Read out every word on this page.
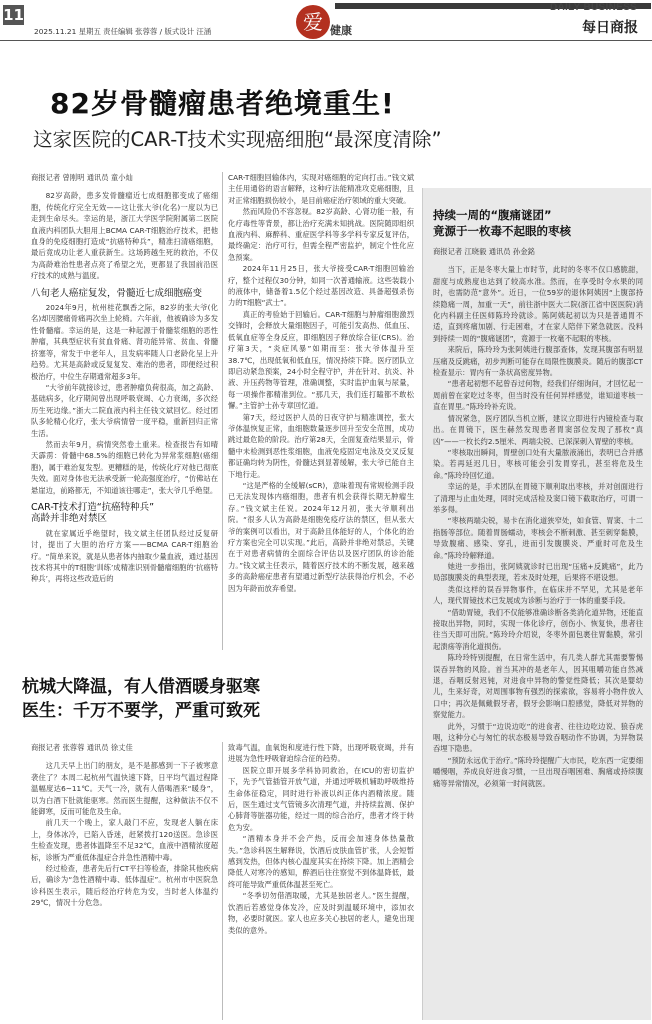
11
2025.11.21 星期五 责任编辑 张蓉蓉 / 版式设计 汪涵	爱 健康
DAILY BUSINESS
每日商报
82岁骨髓瘤患者绝境重生!
这家医院的CAR-T技术实现癌细胞“最深度清除”

商报记者 曾刚明 通讯员 童小灿

82岁高龄，患多发骨髓瘤近七成细胞都变成了癌细胞，传统化疗完全无效——这让张大爷(化名)一度以为已走到生命尽头。幸运的是，浙江大学医学院附属第二医院血液内科团队大胆用上BCMA CAR-T细胞治疗技术，把他血身的免疫细胞打造成“抗癌特种兵”，精准扫清癌细胞，最后竟成功让老人重获新生。这场跨越生死的救治，不仅为高龄难治性患者点亮了希望之光，更都显了我国前沿医疗技术的成熟与温度。

八旬老人癌症复发，骨髓近七成细胞癌变

2024年9月，杭州桂花飘香之际，82岁的张大爷(化名)却因腰痛骨痛再次坐上轮椅。六年前，他被确诊为多发性骨髓瘤。幸运的是，这是一种起源于骨髓浆细胞的恶性肿瘤，其典型症状有贫血骨痛、肾功能异常、贫血、骨髓挤塞等，常发于中老年人，且发病率随人口老龄化呈上升趋势。尤其是高龄或反复复发、难治的患者，即便经过积极治疗，中位生存期通常超多3年。

“大爷前年就接诊过，患者肿瘤负荷很高，加之高龄、基础病多，化疗期间曾出现呼吸衰竭、心力衰竭，多次经历生死边缘。”浙大二院血液内科主任钱文斌回忆。经过团队多轮精心化疗，张大爷病情曾一度平稳，重新回归正常生活。

然而去年9月，病情突然卷土重来。检查报告有如晴天霹雳：骨髓中68.5%的细胞已转化为异常浆细胞(癌细胞)，属于难治复发型。更糟糕的是，传统化疗对他已彻底失效。面对身体也无法承受新一轮高强度治疗，“仿佛站在悬崖边，前路都无，不知道该往哪走”，张大爷几乎绝望。

CAR-T技术打造“抗癌特种兵”
高龄并非绝对禁区

就在家属近乎绝望时，钱文斌主任团队经过反复研讨，提出了大胆的治疗方案——BCMA CAR-T细胞治疗。“简单来说，就是从患者体内抽取少量血液，通过基因技术将其中的T细胞‘训练’成精准识别骨髓瘤细胞的‘抗癌特种兵’，再将这些改造后的

CAR-T细胞回输体内，实现对癌细胞的定向打击。”钱文斌主任用通俗的语言解释，这种疗法能精准攻克癌细胞，且对正常细胞损伤较小，是目前癌症治疗领域的重大突破。

然而风险仍不容忽视。82岁高龄、心肾功能一般，有化疗毒性等背景，都让治疗充满未知挑战。医院随即组织血液内科、麻醉科、重症医学科等多学科专家反复评估，最终确定：治疗可行，但需全程严密监护，制定个性化应急预案。

2024年11月25日，张大爷接受CAR-T细胞回输治疗，整个过程仅30分钟，如同一次普通输液。这些装载小的液体中，储备着1.5亿个经过基因改造、具备超强杀伤力的T细胞“武士”。

真正的考验始于回输后。CAR-T细胞与肿瘤细胞激烈交锋时，会释放大量细胞因子，可能引发高热、低血压、低氧血症等全身反应，即细胞因子释放综合征(CRS)。治疗第3天，“炎症风暴”如期而至：张大爷体温升至38.7℃，出现低氧和低血压，情况持续下降。医疗团队立即启动紧急预案，24小时全程守护，并在针对、抗炎、补液、升压药物等管理，准确调整，实时监护血氧与尿量，每一项操作都精准到位。“那几天，我们连打瞌都不敢松懈。”主管护士孙专章回忆道。

第7天，经过医护人员的日夜守护与精准调控，张大爷体温恢复正常，血细胞数量逐步回升至安全范围，成功跳过最危险的阶段。治疗第28天，全面复查结果显示，骨髓中未检测到恶性浆细胞，血液免疫固定电泳及交叉反复都证确均转为阴性，骨髓达到显著缓解，张大爷已能自主下地行走。

“这是严格的全缓解(sCR)，意味着现有常规检测手段已无法发现体内癌细胞，患者有机会获得长期无肿瘤生存。”钱文斌主任说。2024年12月初，张大爷顺利出院。“很多人认为高龄是细胞免疫疗法的禁区，但从张大爷的案例可以看出，对于高龄且体能好的人，个体化的治疗方案也完全可以实现。”此后，高龄并非绝对禁忌，关键在于对患者病情的全面综合评估以及医疗团队的诊治能力。”钱文斌主任表示，随着医疗技术的不断发展，越来越多的高龄癌症患者有望通过新型疗法获得治疗机会，不必因为年龄而放弃希望。

持续一周的“腹痛谜团”
竟源于一枚毒不起眼的枣核

商报记者 江晓毅 通讯员 孙金銘

当下，正是冬枣大量上市时节，此时的冬枣不仅口感脆甜，甜度与成熟度也达到了较高水准。然而，在享受时令水果的同时，也需防范“意外”。近日，一位59岁的退休阿姨因“上腹部持续隐痛一周，加重一天”，前往浙中医大二院(浙江省中医医院)消化内科副主任医师陈玲玲就诊。陈阿姨起初以为只是普通胃不适，直到疼痛加剧、行走困难，才在家人陪伴下紧急就医。没料到持续一周的“腹痛谜团”，竟源于一枚毫不起眼的枣核。

来院后，陈玲玲为张阿姨进行腹部查体，发现其腹部有明显压痛及反跳痛，初步判断可能存在局限性腹膜炎。随后的腹部CT检查显示：胃内有一条状高密度异物。

“患者起初想不起曾吞过何物，经我们仔细询问，才回忆起一周前曾在家吃过冬枣，但当时没有任何异样感觉，谁知道枣核一直在胃里。”陈玲玲补充说。

情况紧急，医疗团队当机立断，建议立即进行内镜检查与取出。在胃镜下，医生赫然发现患者胃窦部位发现了那枚“真凶”——一枚长约2.5厘米、两端尖锐、已深深刺入胃壁的枣核。

“枣核取出瞬间，胃壁创口处有大量脓液涌出，表明已合并感染。若再延迟几日，枣核可能会引发胃穿孔，甚至将危及生命。”陈玲玲回忆道。

幸运的是，手术团队在胃镜下顺利取出枣核，并对创面进行了清理与止血处理，同时完成活检及窦口镜下截取治疗，可谓一举多得。

“枣核两端尖锐，易卡在消化道狭窄处，如食管、胃窦、十二指肠等部位。随着胃肠蠕动，枣核会不断刺激、甚至刺穿黏膜，导致腹痛、感染、穿孔，进而引发腹膜炎、严重时可危及生命。”陈玲玲解释道。

她进一步指出，张阿姨就诊时已出现“压痛+反跳痛”，此乃局部腹膜炎的典型表现，若未及时处理，后果将不堪设想。

类似这样的误吞异物事件，在临床并不罕见，尤其是老年人，现代胃镜技术已发展成为诊断与治疗于一体的重要手段。

“借助胃镜，我们不仅能够准确诊断各类消化道异物，还能直接取出异物，同时，实现一体化诊疗，创伤小、恢复快，患者往往当天即可出院。”陈玲玲介绍说，冬枣外面包裹住胃黏膜，常引起溃疡等消化道损伤。

陈玲玲特别提醒，在日常生活中，有几类人群尤其需要警惕误吞异物的风险。首当其冲的是老年人，因其咀嚼功能自然减退，吞咽反射迟钝，对进食中异物的警觉性降低；其次是婴幼儿，生来好奇，对周围事物有强烈的探索欲，容易将小物件放入口中；再次是佩戴假牙者，假牙会影响口腔感觉，降低对异物的察觉能力。

此外，习惯于“边说边吃”的进食者、往往边吃边说、狼吞虎咽，这种分心与匆忙的状态极易导致吞咽动作不协调，为异物误吞埋下隐患。

“预防永远优于治疗。”陈玲玲提醒广大市民，吃东西一定要细嚼慢咽，养成良好进食习惯，一旦出现吞咽困难、胸痛或持续腹痛等异常情况，必须第一时间就医。

杭城大降温，有人借酒暖身驱寒
医生：千万不要学，严重可致死

商报记者 张蓉蓉 通讯员 徐丈佳

这几天早上出门的朋友，是不是都感到一下子被寒意袭住了？本周二起杭州气温快速下降，日平均气温过程降温幅度达6~11℃。天气一冷，就有人借喝酒来“暖身”，以为白酒下肚就能驱寒。然而医生提醒，这种做法不仅不能御寒，反而可能危及生命。

前几天一个晚上，家人敲门不应，发现老人躺在床上，身体冰冷，已陷入昏迷，赶紧拨打120送医。急诊医生检查发现，患者体温降至不足32℃，血液中酒精浓度超标，诊断为严重低体温症合并急性酒精中毒。

经过检查，患者先后行CT平扫等检查，排除其他疾病后，确诊为“急性酒精中毒、低体温症”。杭州市中医院急诊科医生表示，随后经治疗转危为安，当时老人体温约29℃，情况十分危急。

致毒气温，血氧饱和度进行性下降，出现呼吸衰竭，并有进展为急性呼吸窘迫综合征的趋势。

医院立即开展多学科协同救治，在ICU的密切监护下，先予气管插管开放气道，并通过呼吸机辅助呼吸维持生命体征稳定，同时进行补液以纠正体内酒精浓度。随后，医生通过支气管镜多次清理气道，并持续监测、保护心肺肾等脏器功能，经过一周的综合治疗，患者才终于转危为安。

“酒精本身并不会产热，反而会加速身体热量散失。”急诊科医生解释说，饮酒后皮肤血管扩张，人会短暂感到发热，但体内核心温度其实在持续下降。加上酒精会降低人对寒冷的感知，醉酒后往往察觉不到体温降低，最终可能导致严重低体温甚至死亡。

“冬季切勿借酒取暖，尤其是独居老人。”医生提醒，饮酒后若感觉身体发冷，应及时到温暖环境中，添加衣物，必要时就医。家人也应多关心独居的老人，避免出现类似的意外。
